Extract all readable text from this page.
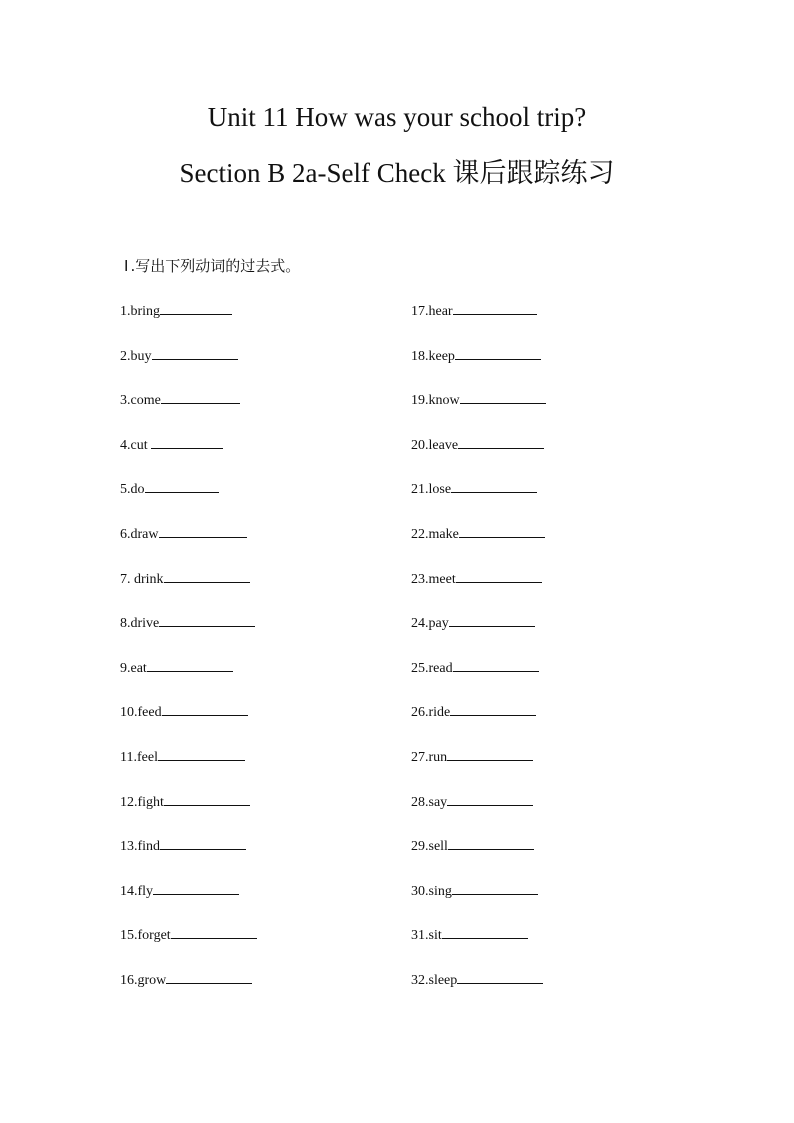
Unit 11 How was your school trip?
Section B 2a-Self Check 课后跟踪练习
Ⅰ .写出下列动词的过去式。
1.bring
2.buy
3.come
4.cut
5.do
6.draw
7. drink
8.drive
9.eat
10.feed
11.feel
12.fight
13.find
14.fly
15.forget
16.grow
17.hear
18.keep
19.know
20.leave
21.lose
22.make
23.meet
24.pay
25.read
26.ride
27.run
28.say
29.sell
30.sing
31.sit
32.sleep
